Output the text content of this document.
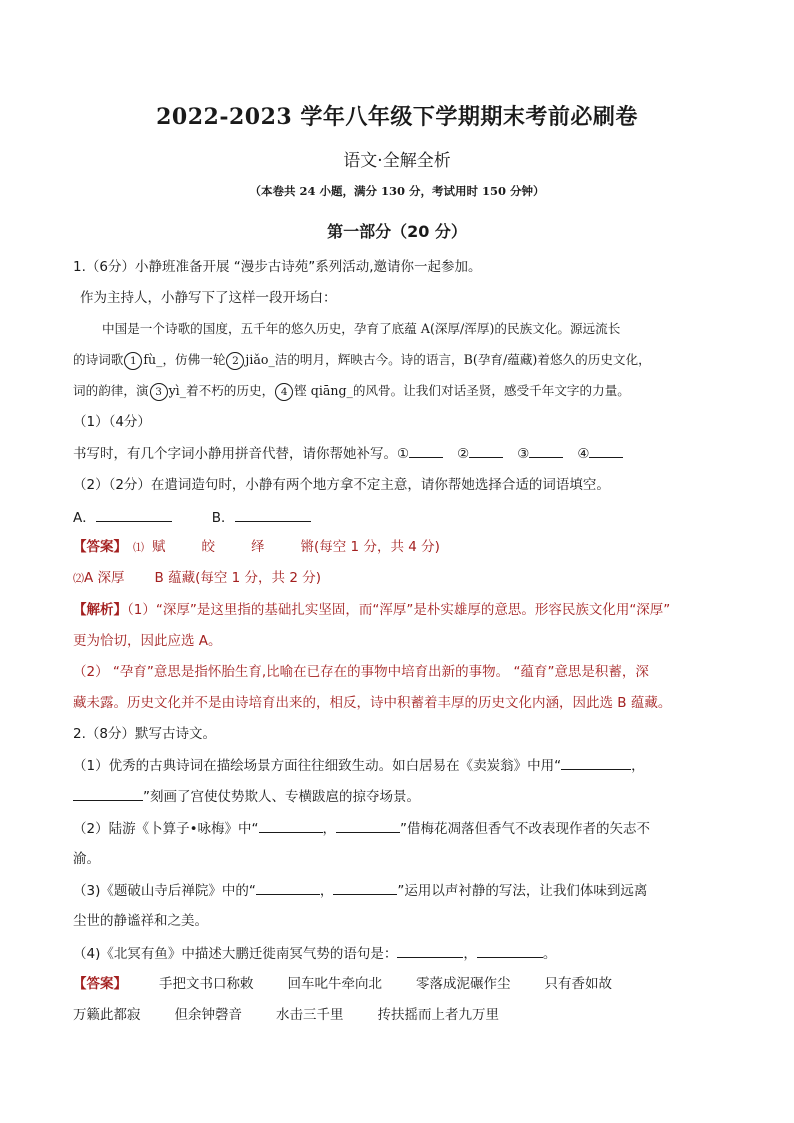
2022-2023 学年八年级下学期期末考前必刷卷
语文·全解全析
（本卷共 24 小题，满分 130 分，考试用时 150 分钟）
第一部分（20 分）
1.（6分）小静班准备开展 “漫步古诗苑”系列活动,邀请你一起参加。
作为主持人，小静写下了这样一段开场白：
中国是一个诗歌的国度，五千年的悠久历史，孕育了底蕴 A(深厚/浑厚)的民族文化。源远流长
的诗词歌 1 fù_，仿佛一轮 2 jiǎo_洁的明月，辉映古今。诗的语言，B(孕育/蕴藏)着悠久的历史文化，
词的韵律，演 3 yì_着不朽的历史， 4 铿 qiāng_的风骨。让我们对话圣贤，感受千年文字的力量。
（1）（4分）
书写时，有几个字词小静用拼音代替，请你帮她补写。①	②	③	④
（2）（2分）在遣词造句时，小静有两个地方拿不定主意，请你帮她选择合适的词语填空。
A．	B．
【答案】 ⑴ 赋	皎	绎	锵(每空 1 分，共 4 分)
⑵A 深厚 B 蕴藏(每空 1 分，共 2 分)
【解析】（1）“深厚”是这里指的基础扎实坚固，而“浑厚”是朴实雄厚的意思。形容民族文化用“深厚”
更为恰切，因此应选 A。
（2） “孕育”意思是指怀胎生育,比喻在已存在的事物中培育出新的事物。 “蕴育”意思是积蓄，深
藏未露。历史文化并不是由诗培育出来的，相反，诗中积蓄着丰厚的历史文化内涵，因此选 B 蕴藏。
2.（8分）默写古诗文。
（1）优秀的古典诗词在描绘场景方面往往细致生动。如白居易在《卖炭翁》中用“	，
”刻画了宫使仗势欺人、专横跋扈的掠夺场景。
（2）陆游《卜算子•咏梅》中“	，	”借梅花凋落但香气不改表现作者的矢志不
渝。
（3)《题破山寺后禅院》中的“	，	”运用以声衬静的写法，让我们体味到远离
尘世的静谧祥和之美。
（4)《北冥有鱼》中描述大鹏迁徙南冥气势的语句是：	，	。
【答案】 手把文书口称敕	回车叱牛牵向北	零落成泥碾作尘	只有香如故
万籁此都寂	但余钟磬音	水击三千里	抟扶摇而上者九万里
